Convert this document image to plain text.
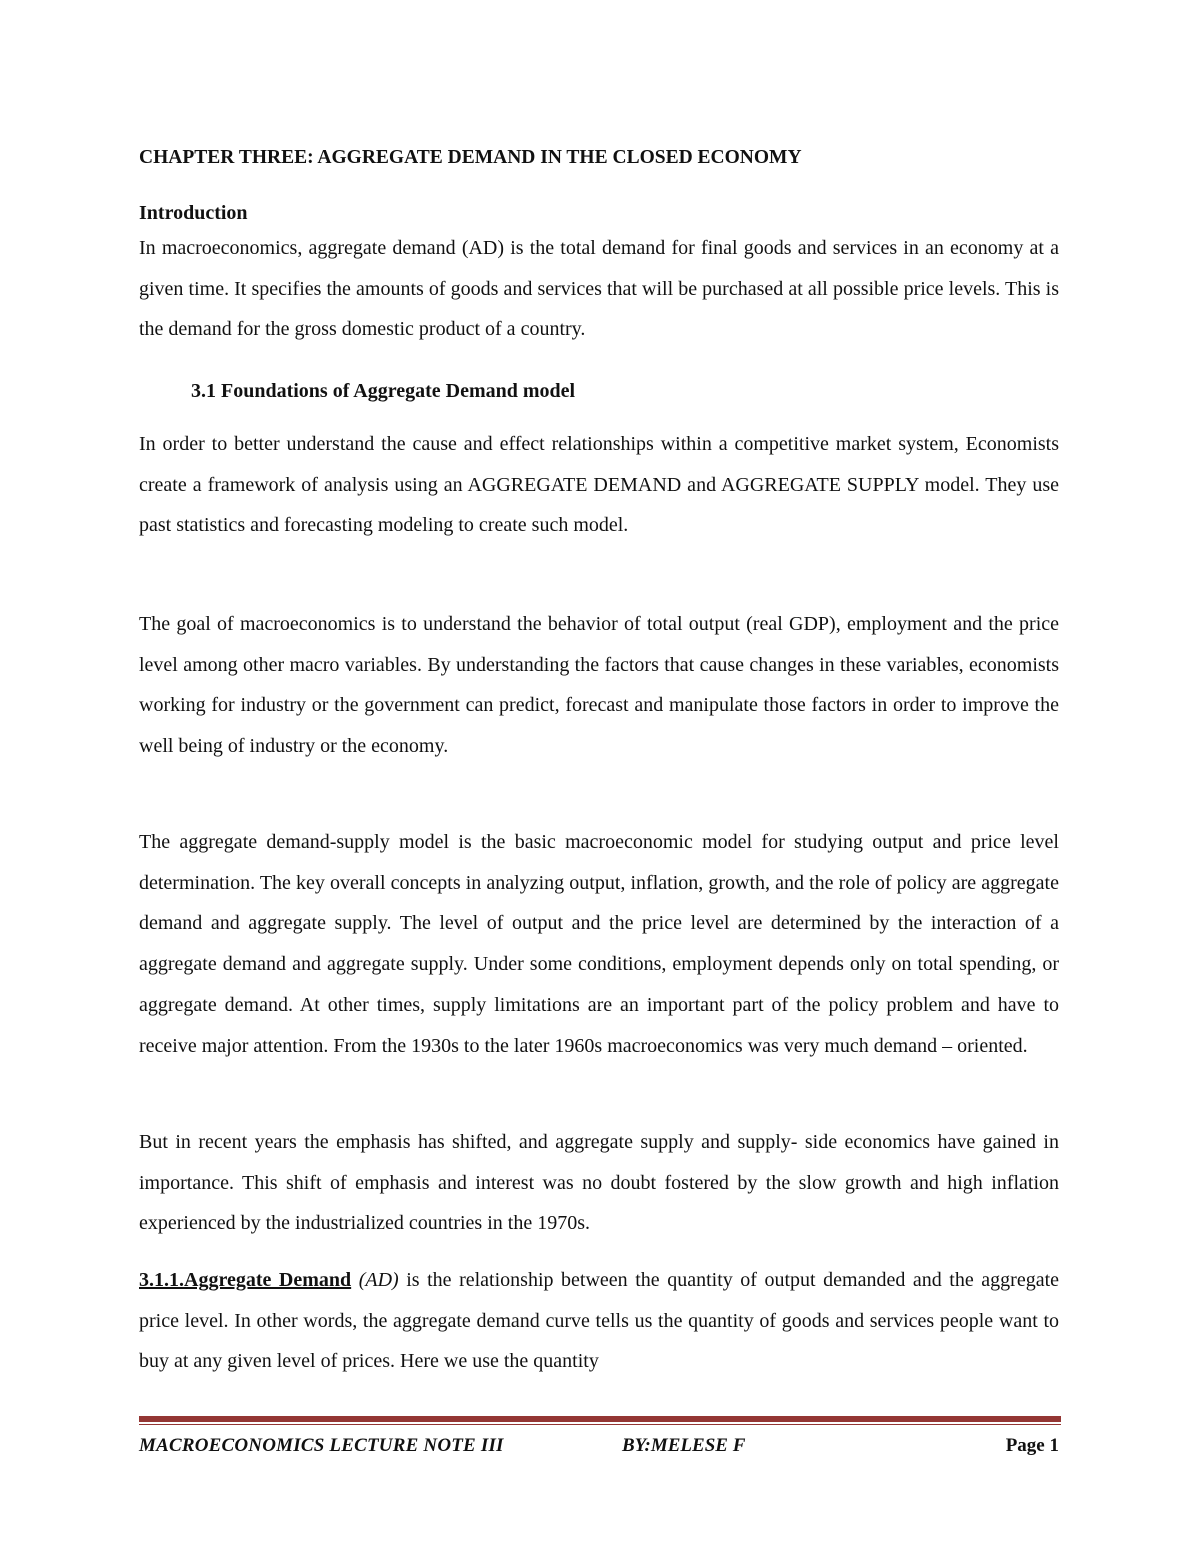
CHAPTER THREE: AGGREGATE DEMAND IN THE CLOSED ECONOMY
Introduction

In macroeconomics, aggregate demand (AD) is the total demand for final goods and services in an economy at a given time. It specifies the amounts of goods and services that will be purchased at all possible price levels. This is the demand for the gross domestic product of a country.

3.1 Foundations of Aggregate Demand model

In order to better understand the cause and effect relationships within a competitive market system, Economists create a framework of analysis using an AGGREGATE DEMAND and AGGREGATE SUPPLY model. They use past statistics and forecasting modeling to create such model.

The goal of macroeconomics is to understand the behavior of total output (real GDP), employment and the price level among other macro variables. By understanding the factors that cause changes in these variables, economists working for industry or the government can predict, forecast and manipulate those factors in order to improve the well being of industry or the economy.

The aggregate demand-supply model is the basic macroeconomic model for studying output and price level determination. The key overall concepts in analyzing output, inflation, growth, and the role of policy are aggregate demand and aggregate supply. The level of output and the price level are determined by the interaction of a aggregate demand and aggregate supply. Under some conditions, employment depends only on total spending, or aggregate demand. At other times, supply limitations are an important part of the policy problem and have to receive major attention. From the 1930s to the later 1960s macroeconomics was very much demand – oriented.

But in recent years the emphasis has shifted, and aggregate supply and supply- side economics have gained in importance. This shift of emphasis and interest was no doubt fostered by the slow growth and high inflation experienced by the industrialized countries in the 1970s.

3.1.1.Aggregate Demand (AD) is the relationship between the quantity of output demanded and the aggregate price level. In other words, the aggregate demand curve tells us the quantity of goods and services people want to buy at any given level of prices. Here we use the quantity

MACROECONOMICS LECTURE NOTE III	BY:MELESE F	Page 1
